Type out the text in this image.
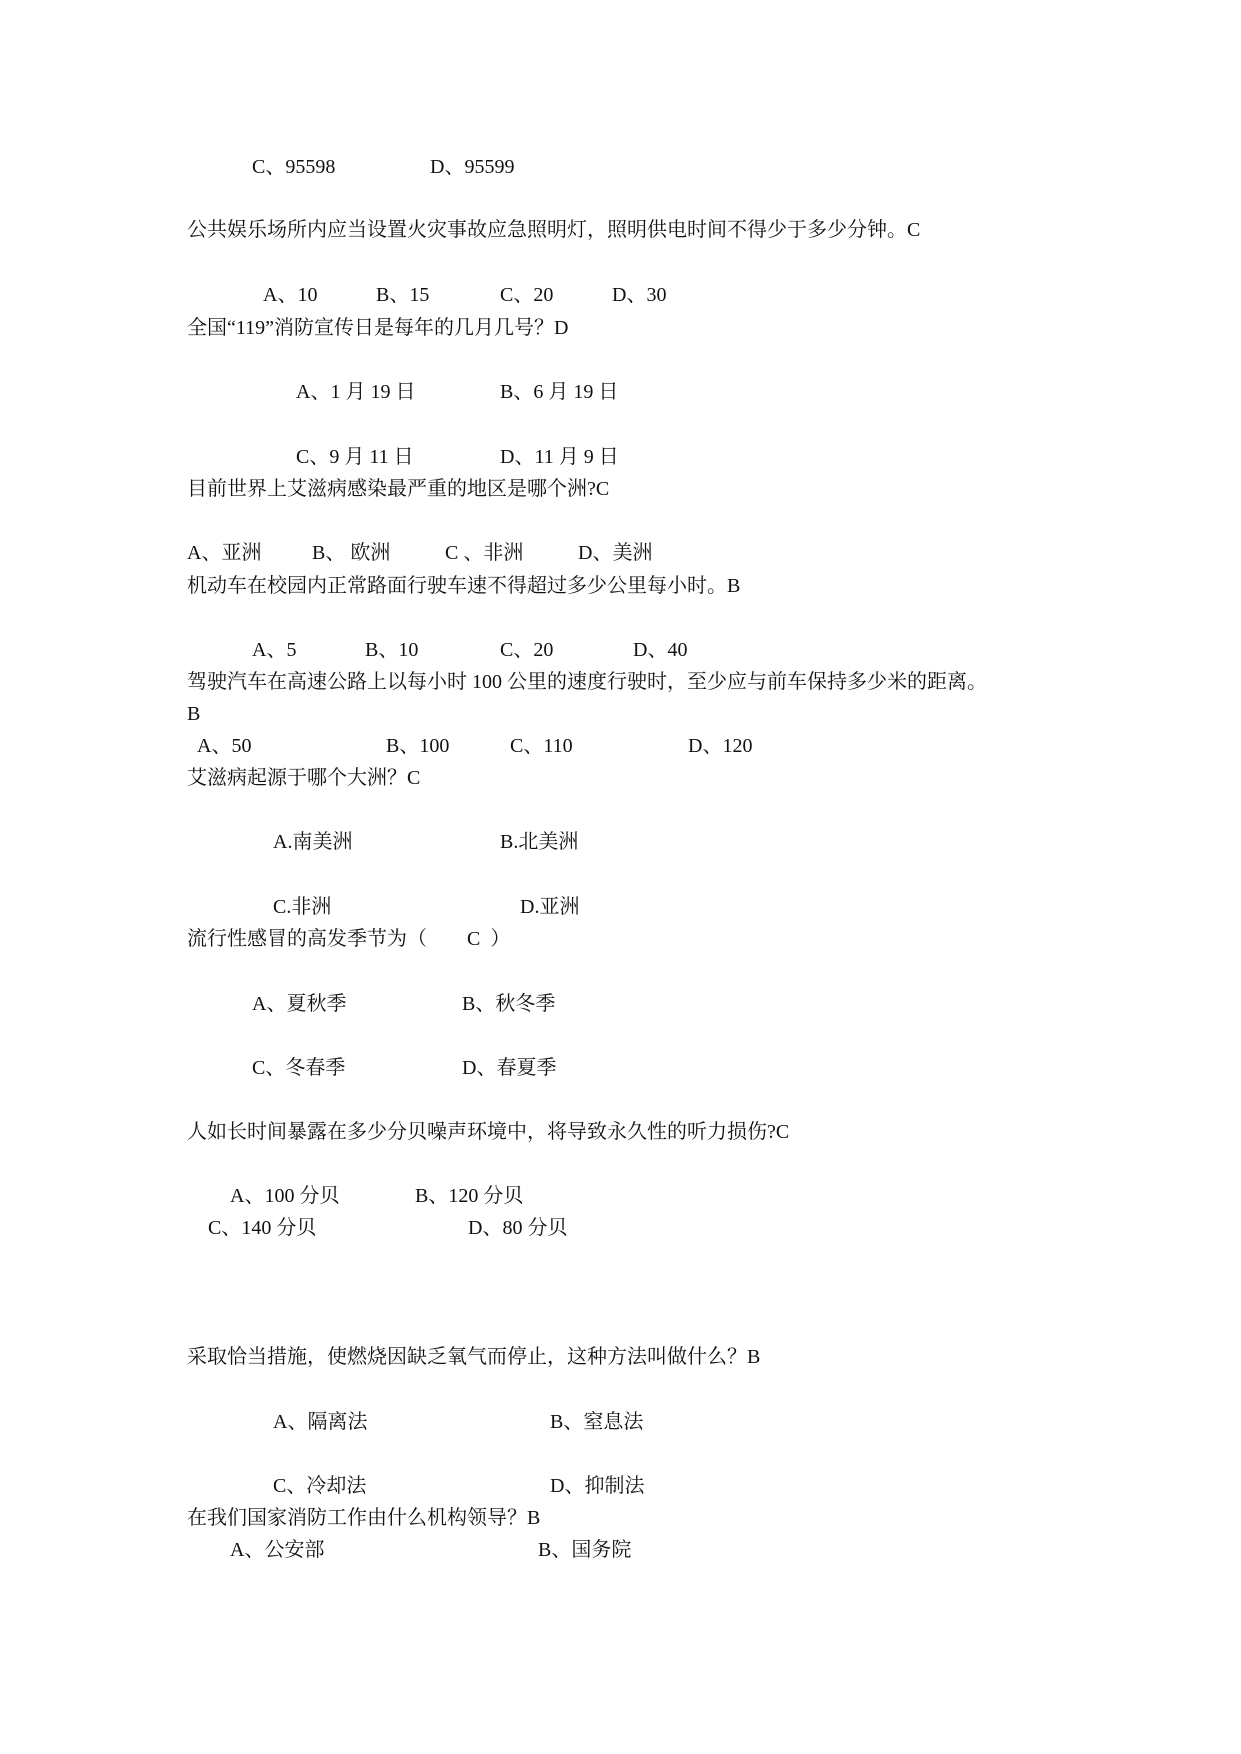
C、95598	D、95599
公共娱乐场所内应当设置火灾事故应急照明灯，照明供电时间不得少于多少分钟。C
A、10	B、15	C、20	D、30
全国“119”消防宣传日是每年的几月几号？D
A、1 月 19 日	B、6 月 19 日
C、9 月 11 日	D、11 月 9 日
目前世界上艾滋病感染最严重的地区是哪个洲?C
A、亚洲	B、 欧洲	C 、非洲	D、美洲
机动车在校园内正常路面行驶车速不得超过多少公里每小时。B
A、5	B、10	C、20	D、40
驾驶汽车在高速公路上以每小时 100 公里的速度行驶时，至少应与前车保持多少米的距离。
B
A、50	B、100	C、110	D、120
艾滋病起源于哪个大洲？C
A.南美洲	B.北美洲
C.非洲	D.亚洲
流行性感冒的高发季节为（        C  ）
A、夏秋季	B、秋冬季
C、冬春季	D、春夏季
人如长时间暴露在多少分贝噪声环境中，将导致永久性的听力损伤?C
A、100 分贝	B、120 分贝
C、140 分贝	D、80 分贝
采取恰当措施，使燃烧因缺乏氧气而停止，这种方法叫做什么？B
A、隔离法	B、窒息法
C、冷却法	D、抑制法
在我们国家消防工作由什么机构领导？B
A、公安部	B、国务院
